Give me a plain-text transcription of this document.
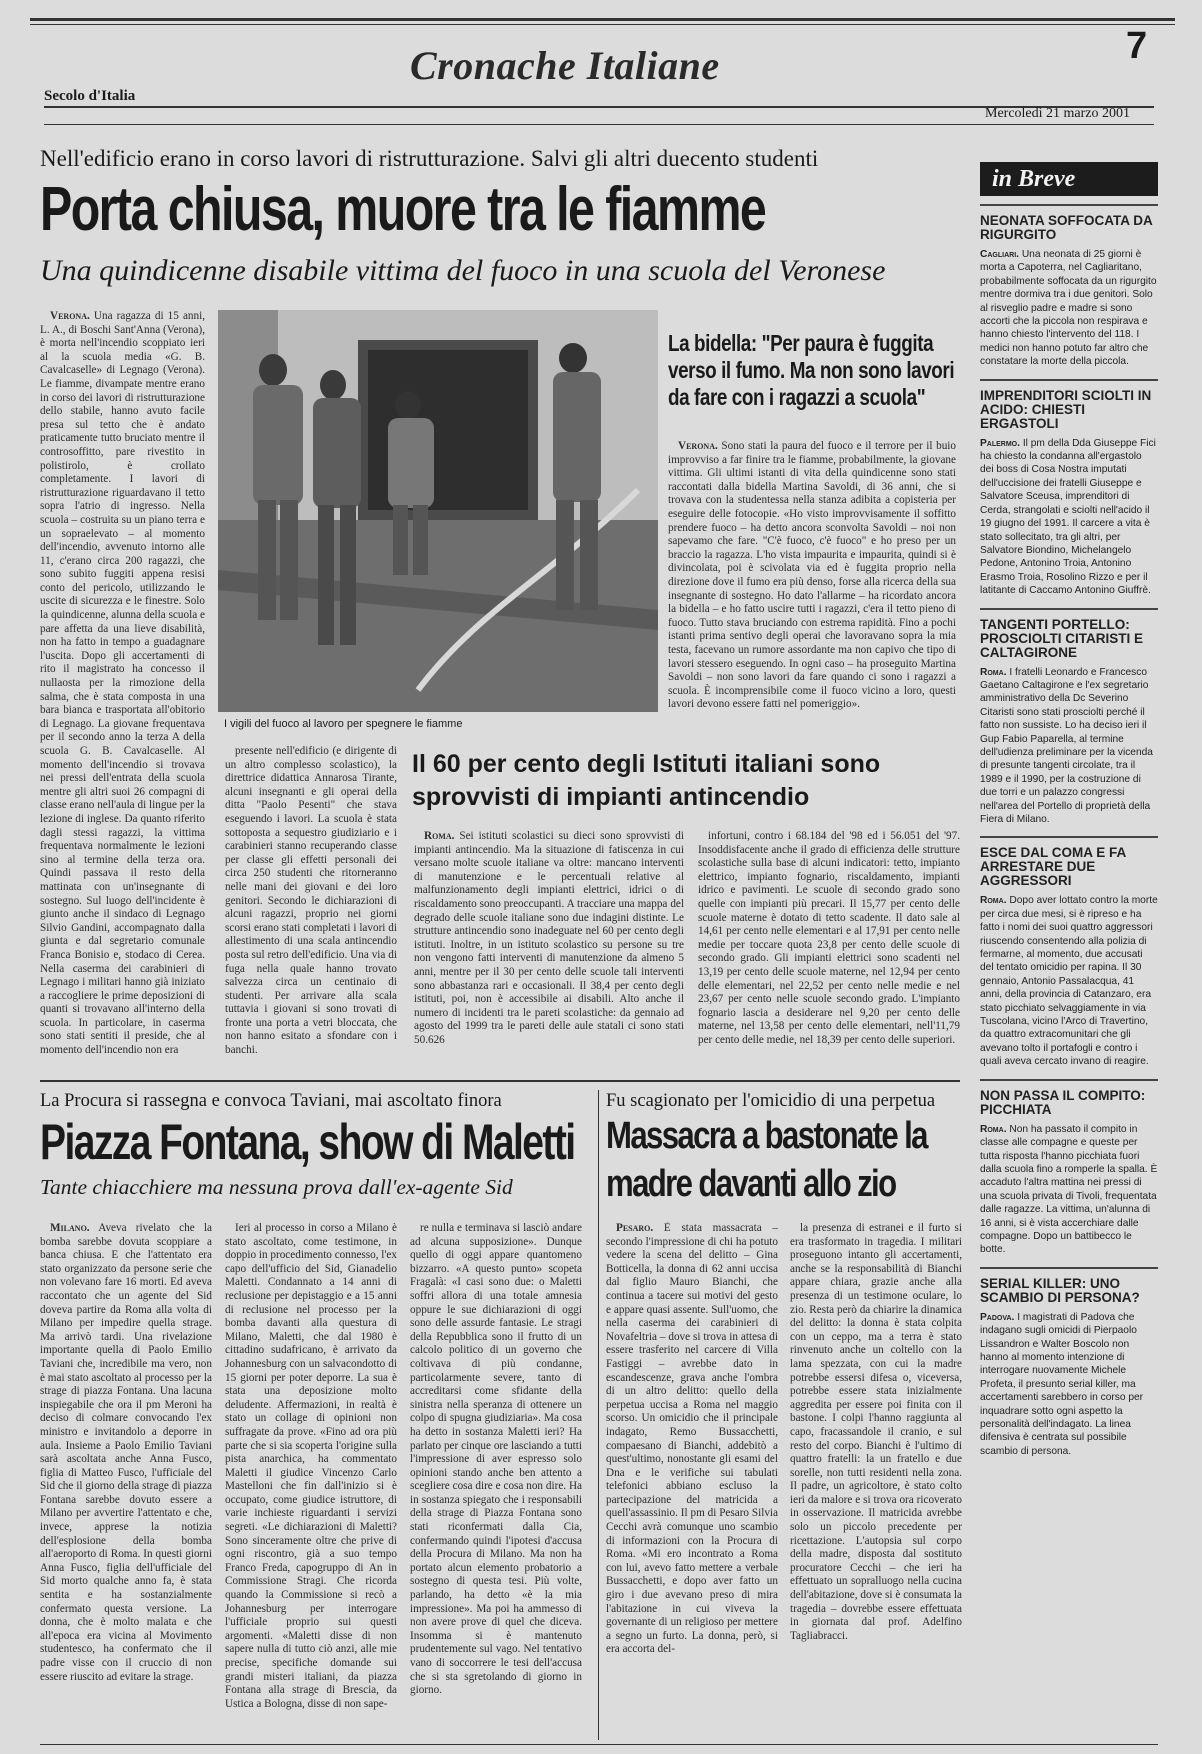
Cronache Italiane	7
Secolo d'Italia
Mercoledì 21 marzo 2001
Nell'edificio erano in corso lavori di ristrutturazione. Salvi gli altri duecento studenti
Porta chiusa, muore tra le fiamme
Una quindicenne disabile vittima del fuoco in una scuola del Veronese

Verona. Una ragazza di 15 anni, L. A., di Boschi Sant'Anna (Verona), è morta nell'incendio scoppiato ieri al la scuola media «G. B. Cavalcaselle» di Legnago (Verona). Le fiamme, divampate mentre erano in corso dei lavori di ristrutturazione dello stabile, hanno avuto facile presa sul tetto che è andato praticamente tutto bruciato mentre il controsoffitto, pare rivestito in polistirolo, è crollato completamente. I lavori di ristrutturazione riguardavano il tetto sopra l'atrio di ingresso. Nella scuola – costruita su un piano terra e un sopraelevato – al momento dell'incendio, avvenuto intorno alle 11, c'erano circa 200 ragazzi, che sono subito fuggiti appena resisi conto del pericolo, utilizzando le uscite di sicurezza e le finestre. Solo la quindicenne, alunna della scuola e pare affetta da una lieve disabilità, non ha fatto in tempo a guadagnare l'uscita. Dopo gli accertamenti di rito il magistrato ha concesso il nullaosta per la rimozione della salma, che è stata composta in una bara bianca e trasportata all'obitorio di Legnago. La giovane frequentava per il secondo anno la terza A della scuola G. B. Cavalcaselle. Al momento dell'incendio si trovava nei pressi dell'entrata della scuola mentre gli altri suoi 26 compagni di classe erano nell'aula di lingue per la lezione di inglese. Da quanto riferito dagli stessi ragazzi, la vittima frequentava normalmente le lezioni sino al termine della terza ora. Quindi passava il resto della mattinata con un'insegnante di sostegno. Sul luogo dell'incidente è giunto anche il sindaco di Legnago Silvio Gandini, accompagnato dalla giunta e dal segretario comunale Franca Bonisio e, stodaco di Cerea. Nella caserma dei carabinieri di Legnago i militari hanno già iniziato a raccogliere le prime deposizioni di quanti si trovavano all'interno della scuola. In particolare, in caserma sono stati sentiti il preside, che al momento dell'incendio non era

I vigili del fuoco al lavoro per spegnere le fiamme
La bidella: "Per paura è fuggita verso il fumo. Ma non sono lavori da fare con i ragazzi a scuola"

Verona. Sono stati la paura del fuoco e il terrore per il buio improvviso a far finire tra le fiamme, probabilmente, la giovane vittima. Gli ultimi istanti di vita della quindicenne sono stati raccontati dalla bidella Martina Savoldi, di 36 anni, che si trovava con la studentessa nella stanza adibita a copisteria per eseguire delle fotocopie. «Ho visto improvvisamente il soffitto prendere fuoco – ha detto ancora sconvolta Savoldi – noi non sapevamo che fare. "C'è fuoco, c'è fuoco" e ho preso per un braccio la ragazza. L'ho vista impaurita e impaurita, quindi si è divincolata, poi è scivolata via ed è fuggita proprio nella direzione dove il fumo era più denso, forse alla ricerca della sua insegnante di sostegno. Ho dato l'allarme – ha ricordato ancora la bidella – e ho fatto uscire tutti i ragazzi, c'era il tetto pieno di fuoco. Tutto stava bruciando con estrema rapidità. Fino a pochi istanti prima sentivo degli operai che lavoravano sopra la mia testa, facevano un rumore assordante ma non capivo che tipo di lavori stessero eseguendo. In ogni caso – ha proseguito Martina Savoldi – non sono lavori da fare quando ci sono i ragazzi a scuola. È incomprensibile come il fuoco vicino a loro, questi lavori devono essere fatti nel pomeriggio».

presente nell'edificio (e dirigente di un altro complesso scolastico), la direttrice didattica Annarosa Tirante, alcuni insegnanti e gli operai della ditta "Paolo Pesenti" che stava eseguendo i lavori. La scuola è stata sottoposta a sequestro giudiziario e i carabinieri stanno recuperando classe per classe gli effetti personali dei circa 250 studenti che ritorneranno nelle mani dei giovani e dei loro genitori. Secondo le dichiarazioni di alcuni ragazzi, proprio nei giorni scorsi erano stati completati i lavori di allestimento di una scala antincendio posta sul retro dell'edificio. Una via di fuga nella quale hanno trovato salvezza circa un centinaio di studenti. Per arrivare alla scala tuttavia i giovani si sono trovati di fronte una porta a vetri bloccata, che non hanno esitato a sfondare con i banchi.

Il 60 per cento degli Istituti italiani sono sprovvisti di impianti antincendio

Roma. Sei istituti scolastici su dieci sono sprovvisti di impianti antincendio. Ma la situazione di fatiscenza in cui versano molte scuole italiane va oltre: mancano interventi di manutenzione e le percentuali relative al malfunzionamento degli impianti elettrici, idrici o di riscaldamento sono preoccupanti. A tracciare una mappa del degrado delle scuole italiane sono due indagini distinte. Le strutture antincendio sono inadeguate nel 60 per cento degli istituti. Inoltre, in un istituto scolastico su persone su tre non vengono fatti interventi di manutenzione da almeno 5 anni, mentre per il 30 per cento delle scuole tali interventi sono abbastanza rari e occasionali. Il 38,4 per cento degli istituti, poi, non è accessibile ai disabili. Alto anche il numero di incidenti tra le pareti scolastiche: da gennaio ad agosto del 1999 tra le pareti delle aule statali ci sono stati 50.626

infortuni, contro i 68.184 del '98 ed i 56.051 del '97. Insoddisfacente anche il grado di efficienza delle strutture scolastiche sulla base di alcuni indicatori: tetto, impianto elettrico, impianto fognario, riscaldamento, impianti idrico e pavimenti. Le scuole di secondo grado sono quelle con impianti più precari. Il 15,77 per cento delle scuole materne è dotato di tetto scadente. Il dato sale al 14,61 per cento nelle elementari e al 17,91 per cento nelle medie per toccare quota 23,8 per cento delle scuole di secondo grado. Gli impianti elettrici sono scadenti nel 13,19 per cento delle scuole materne, nel 12,94 per cento delle elementari, nel 22,52 per cento nelle medie e nel 23,67 per cento nelle scuole secondo grado. L'impianto fognario lascia a desiderare nel 9,20 per cento delle materne, nel 13,58 per cento delle elementari, nell'11,79 per cento delle medie, nel 18,39 per cento delle superiori.

La Procura si rassegna e convoca Taviani, mai ascoltato finora
Piazza Fontana, show di Maletti
Tante chiacchiere ma nessuna prova dall'ex-agente Sid

Milano. Aveva rivelato che la bomba sarebbe dovuta scoppiare a banca chiusa. E che l'attentato era stato organizzato da persone serie che non volevano fare 16 morti. Ed aveva raccontato che un agente del Sid doveva partire da Roma alla volta di Milano per impedire quella strage. Ma arrivò tardi. Una rivelazione importante quella di Paolo Emilio Taviani che, incredibile ma vero, non è mai stato ascoltato al processo per la strage di piazza Fontana. Una lacuna inspiegabile che ora il pm Meroni ha deciso di colmare convocando l'ex ministro e invitandolo a deporre in aula. Insieme a Paolo Emilio Taviani sarà ascoltata anche Anna Fusco, figlia di Matteo Fusco, l'ufficiale del Sid che il giorno della strage di piazza Fontana sarebbe dovuto essere a Milano per avvertire l'attentato e che, invece, apprese la notizia dell'esplosione della bomba all'aeroporto di Roma. In questi giorni Anna Fusco, figlia dell'ufficiale del Sid morto qualche anno fa, è stata sentita e ha sostanzialmente confermato questa versione. La donna, che è molto malata e che all'epoca era vicina al Movimento studentesco, ha confermato che il padre visse con il cruccio di non essere riuscito ad evitare la strage.

Ieri al processo in corso a Milano è stato ascoltato, come testimone, in doppio in procedimento connesso, l'ex capo dell'ufficio del Sid, Gianadelio Maletti. Condannato a 14 anni di reclusione per depistaggio e a 15 anni di reclusione nel processo per la bomba davanti alla questura di Milano, Maletti, che dal 1980 è cittadino sudafricano, è arrivato da Johannesburg con un salvacondotto di 15 giorni per poter deporre. La sua è stata una deposizione molto deludente. Affermazioni, in realtà è stato un collage di opinioni non suffragate da prove. «Fino ad ora più parte che si sia scoperta l'origine sulla pista anarchica, ha commentato Maletti il giudice Vincenzo Carlo Mastelloni che fin dall'inizio si è occupato, come giudice istruttore, di varie inchieste riguardanti i servizi segreti. «Le dichiarazioni di Maletti? Sono sinceramente oltre che prive di ogni riscontro, già a suo tempo Franco Freda, capogruppo di An in Commissione Stragi. Che ricorda quando la Commissione si recò a Johannesburg per interrogare l'ufficiale proprio sui questi argomenti. «Maletti disse di non sapere nulla di tutto ciò anzi, alle mie precise, specifiche domande sui grandi misteri italiani, da piazza Fontana alla strage di Brescia, da Ustica a Bologna, disse di non sape-

re nulla e terminava si lasciò andare ad alcuna supposizione». Dunque quello di oggi appare quantomeno bizzarro. «A questo punto» scopeta Fragalà: «I casi sono due: o Maletti soffri allora di una totale amnesia oppure le sue dichiarazioni di oggi sono delle assurde fantasie. Le stragi della Repubblica sono il frutto di un calcolo politico di un governo che coltivava di più condanne, particolarmente severe, tanto di accreditarsi come sfidante della sinistra nella speranza di ottenere un colpo di spugna giudiziaria». Ma cosa ha detto in sostanza Maletti ieri? Ha parlato per cinque ore lasciando a tutti l'impressione di aver espresso solo opinioni stando anche ben attento a scegliere cosa dire e cosa non dire. Ha in sostanza spiegato che i responsabili della strage di Piazza Fontana sono stati riconfermati dalla Cia, confermando quindi l'ipotesi d'accusa della Procura di Milano. Ma non ha portato alcun elemento probatorio a sostegno di questa tesi. Più volte, parlando, ha detto «è la mia impressione». Ma poi ha ammesso di non avere prove di quel che diceva. Insomma si è mantenuto prudentemente sul vago. Nel tentativo vano di soccorrere le tesi dell'accusa che si sta sgretolando di giorno in giorno.

Fu scagionato per l'omicidio di una perpetua
Massacra a bastonate la madre davanti allo zio

Pesaro. È stata massacrata – secondo l'impressione di chi ha potuto vedere la scena del delitto – Gina Botticella, la donna di 62 anni uccisa dal figlio Mauro Bianchi, che continua a tacere sui motivi del gesto e appare quasi assente. Sull'uomo, che nella caserma dei carabinieri di Novafeltria – dove si trova in attesa di essere trasferito nel carcere di Villa Fastiggi – avrebbe dato in escandescenze, grava anche l'ombra di un altro delitto: quello della perpetua uccisa a Roma nel maggio scorso. Un omicidio che il principale indagato, Remo Bussacchetti, compaesano di Bianchi, addebitò a quest'ultimo, nonostante gli esami del Dna e le verifiche sui tabulati telefonici abbiano escluso la partecipazione del matricida a quell'assassinio. Il pm di Pesaro Silvia Cecchi avrà comunque uno scambio di informazioni con la Procura di Roma. «Mi ero incontrato a Roma con lui, avevo fatto mettere a verbale Bussacchetti, e dopo aver fatto un giro i due avevano preso di mira l'abitazione in cui viveva la governante di un religioso per mettere a segno un furto. La donna, però, si era accorta del-

la presenza di estranei e il furto si era trasformato in tragedia. I militari proseguono intanto gli accertamenti, anche se la responsabilità di Bianchi appare chiara, grazie anche alla presenza di un testimone oculare, lo zio. Resta però da chiarire la dinamica del delitto: la donna è stata colpita con un ceppo, ma a terra è stato rinvenuto anche un coltello con la lama spezzata, con cui la madre potrebbe essersi difesa o, viceversa, potrebbe essere stata inizialmente aggredita per essere poi finita con il bastone. I colpi l'hanno raggiunta al capo, fracassandole il cranio, e sul resto del corpo. Bianchi è l'ultimo di quattro fratelli: la un fratello e due sorelle, non tutti residenti nella zona. Il padre, un agricoltore, è stato colto ieri da malore e si trova ora ricoverato in osservazione. Il matricida avrebbe solo un piccolo precedente per ricettazione. L'autopsia sul corpo della madre, disposta dal sostituto procuratore Cecchi – che ieri ha effettuato un sopralluogo nella cucina dell'abitazione, dove si è consumata la tragedia – dovrebbe essere effettuata in giornata dal prof. Adelfino Tagliabracci.

in Breve
NEONATA SOFFOCATA DA RIGURGITO
Cagliari. Una neonata di 25 giorni è morta a Capoterra, nel Cagliaritano, probabilmente soffocata da un rigurgito mentre dormiva tra i due genitori. Solo al risveglio padre e madre si sono accorti che la piccola non respirava e hanno chiesto l'intervento del 118. I medici non hanno potuto far altro che constatare la morte della piccola.
IMPRENDITORI SCIOLTI IN ACIDO: CHIESTI ERGASTOLI
Palermo. Il pm della Dda Giuseppe Fici ha chiesto la condanna all'ergastolo dei boss di Cosa Nostra imputati dell'uccisione dei fratelli Giuseppe e Salvatore Sceusa, imprenditori di Cerda, strangolati e sciolti nell'acido il 19 giugno del 1991. Il carcere a vita è stato sollecitato, tra gli altri, per Salvatore Biondino, Michelangelo Pedone, Antonino Troia, Antonino Erasmo Troia, Rosolino Rizzo e per il latitante di Caccamo Antonino Giuffrè.
TANGENTI PORTELLO: PROSCIOLTI CITARISTI E CALTAGIRONE
Roma. I fratelli Leonardo e Francesco Gaetano Caltagirone e l'ex segretario amministrativo della Dc Severino Citaristi sono stati prosciolti perché il fatto non sussiste. Lo ha deciso ieri il Gup Fabio Paparella, al termine dell'udienza preliminare per la vicenda di presunte tangenti circolate, tra il 1989 e il 1990, per la costruzione di due torri e un palazzo congressi nell'area del Portello di proprietà della Fiera di Milano.
ESCE DAL COMA E FA ARRESTARE DUE AGGRESSORI
Roma. Dopo aver lottato contro la morte per circa due mesi, si è ripreso e ha fatto i nomi dei suoi quattro aggressori riuscendo consentendo alla polizia di fermarne, al momento, due accusati del tentato omicidio per rapina. Il 30 gennaio, Antonio Passalacqua, 41 anni, della provincia di Catanzaro, era stato picchiato selvaggiamente in via Tuscolana, vicino l'Arco di Travertino, da quattro extracomunitari che gli avevano tolto il portafogli e contro i quali aveva cercato invano di reagire.
NON PASSA IL COMPITO: PICCHIATA
Roma. Non ha passato il compito in classe alle compagne e queste per tutta risposta l'hanno picchiata fuori dalla scuola fino a romperle la spalla. È accaduto l'altra mattina nei pressi di una scuola privata di Tivoli, frequentata dalle ragazze. La vittima, un'alunna di 16 anni, si è vista accerchiare dalle compagne. Dopo un battibecco le botte.
SERIAL KILLER: UNO SCAMBIO DI PERSONA?
Padova. I magistrati di Padova che indagano sugli omicidi di Pierpaolo Lissandron e Walter Boscolo non hanno al momento intenzione di interrogare nuovamente Michele Profeta, il presunto serial killer, ma accertamenti sarebbero in corso per inquadrare sotto ogni aspetto la personalità dell'indagato. La linea difensiva è centrata sul possibile scambio di persona.
